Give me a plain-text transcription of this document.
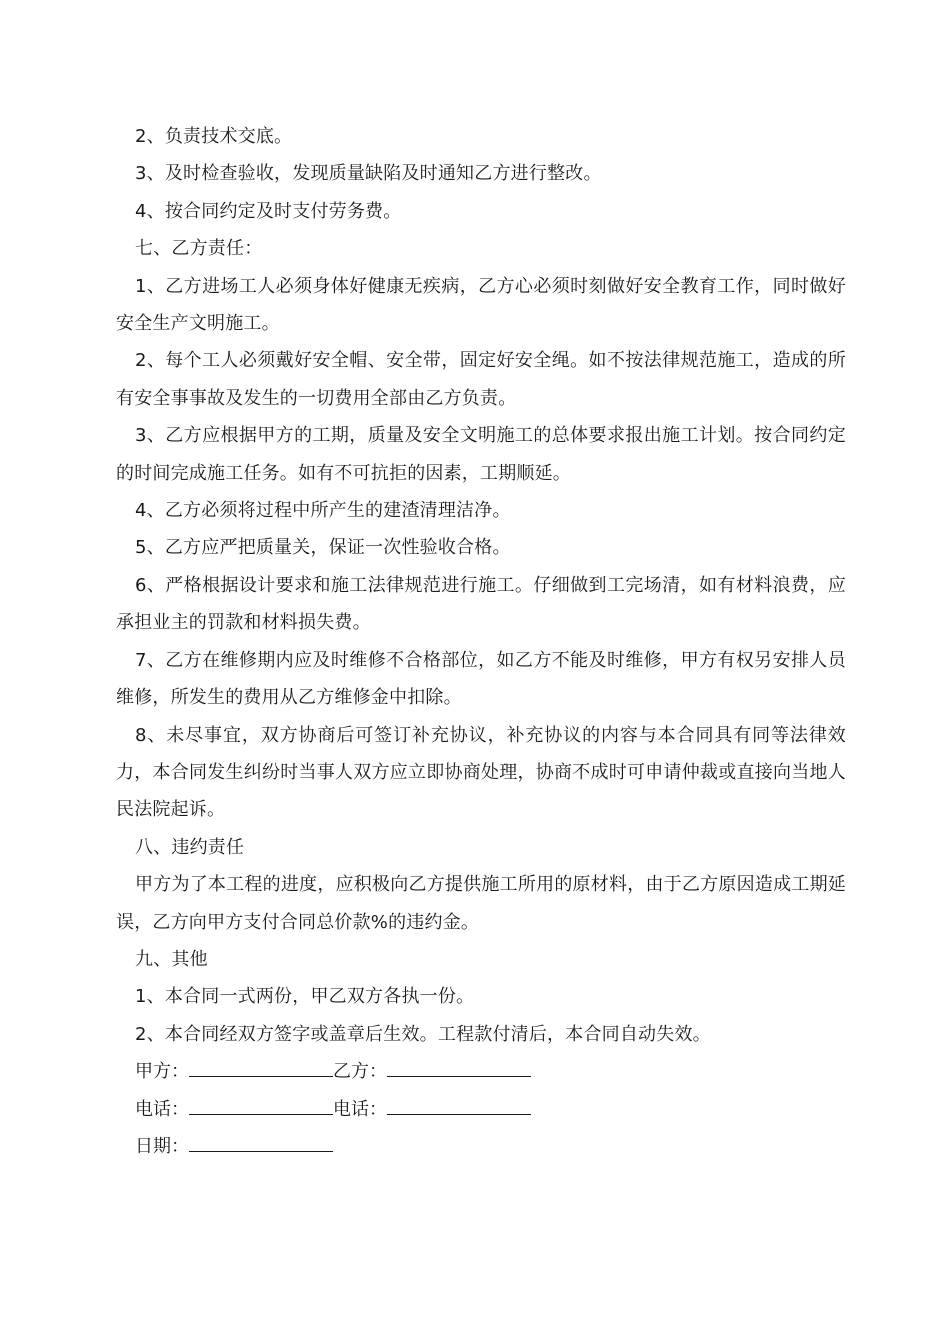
2、负责技术交底。

3、及时检查验收，发现质量缺陷及时通知乙方进行整改。

4、按合同约定及时支付劳务费。

七、乙方责任：

1、乙方进场工人必须身体好健康无疾病，乙方心必须时刻做好安全教育工作，同时做好安全生产文明施工。

2、每个工人必须戴好安全帽、安全带，固定好安全绳。如不按法律规范施工，造成的所有安全事事故及发生的一切费用全部由乙方负责。

3、乙方应根据甲方的工期，质量及安全文明施工的总体要求报出施工计划。按合同约定的时间完成施工任务。如有不可抗拒的因素，工期顺延。

4、乙方必须将过程中所产生的建渣清理洁净。

5、乙方应严把质量关，保证一次性验收合格。

6、严格根据设计要求和施工法律规范进行施工。仔细做到工完场清，如有材料浪费，应承担业主的罚款和材料损失费。

7、乙方在维修期内应及时维修不合格部位，如乙方不能及时维修，甲方有权另安排人员维修，所发生的费用从乙方维修金中扣除。

8、未尽事宜，双方协商后可签订补充协议，补充协议的内容与本合同具有同等法律效力，本合同发生纠纷时当事人双方应立即协商处理，协商不成时可申请仲裁或直接向当地人民法院起诉。

八、违约责任

甲方为了本工程的进度，应积极向乙方提供施工所用的原材料，由于乙方原因造成工期延误，乙方向甲方支付合同总价款%的违约金。

九、其他

1、本合同一式两份，甲乙双方各执一份。

2、本合同经双方签字或盖章后生效。工程款付清后，本合同自动失效。

甲方：	乙方：
电话：	电话：
日期：
